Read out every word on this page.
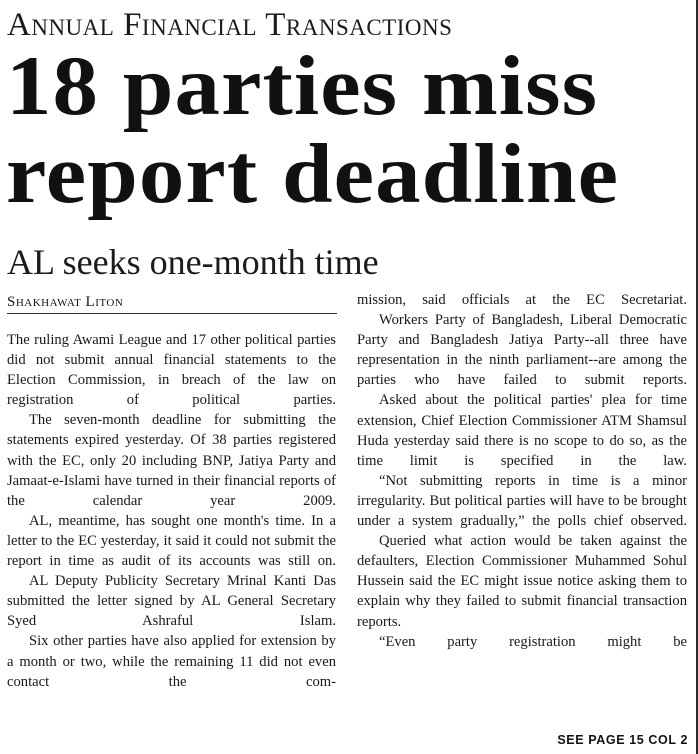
Annual Financial Transactions
18 parties miss
report deadline
AL seeks one-month time
Shakhawat Liton

The ruling Awami League and 17 other political parties did not submit annual financial statements to the Election Commission, in breach of the law on registration of political parties.

The seven-month deadline for submitting the statements expired yesterday. Of 38 parties registered with the EC, only 20 including BNP, Jatiya Party and Jamaat-e-Islami have turned in their financial reports of the calendar year 2009.

AL, meantime, has sought one month's time. In a letter to the EC yesterday, it said it could not submit the report in time as audit of its accounts was still on.

AL Deputy Publicity Secretary Mrinal Kanti Das submitted the letter signed by AL General Secretary Syed Ashraful Islam.

Six other parties have also applied for extension by a month or two, while the remaining 11 did not even contact the com-

mission, said officials at the EC Secretariat.

Workers Party of Bangladesh, Liberal Democratic Party and Bangladesh Jatiya Party--all three have representation in the ninth parliament--are among the parties who have failed to submit reports.

Asked about the political parties' plea for time extension, Chief Election Commissioner ATM Shamsul Huda yesterday said there is no scope to do so, as the time limit is specified in the law.

“Not submitting reports in time is a minor irregularity. But political parties will have to be brought under a system gradually,” the polls chief observed.

Queried what action would be taken against the defaulters, Election Commissioner Muhammed Sohul Hussein said the EC might issue notice asking them to explain why they failed to submit financial transaction reports.

“Even party registration might be

SEE PAGE 15 COL 2
